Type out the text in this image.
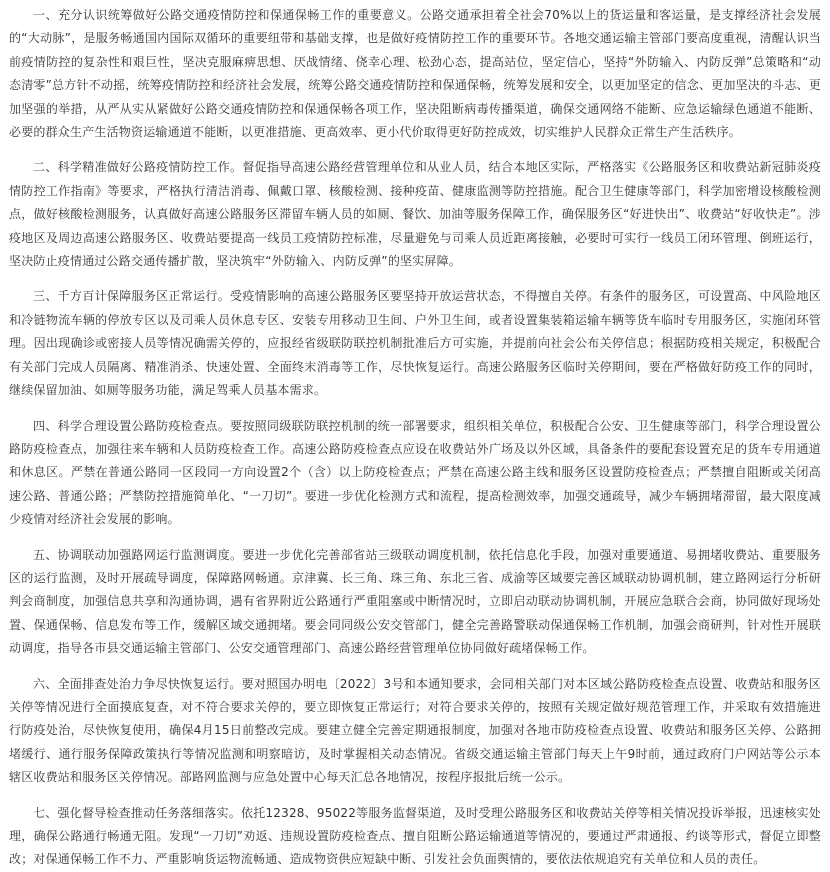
一、充分认识统筹做好公路交通疫情防控和保通保畅工作的重要意义。公路交通承担着全社会70%以上的货运量和客运量，是支撑经济社会发展的“大动脉”，是服务畅通国内国际双循环的重要纽带和基础支撑，也是做好疫情防控工作的重要环节。各地交通运输主管部门要高度重视，清醒认识当前疫情防控的复杂性和艰巨性，坚决克服麻痹思想、厌战情绪、侥幸心理、松劲心态，提高站位，坚定信心，坚持“外防输入、内防反弹”总策略和“动态清零”总方针不动摇，统筹疫情防控和经济社会发展，统筹公路交通疫情防控和保通保畅，统筹发展和安全，以更加坚定的信念、更加坚决的斗志、更加坚强的举措，从严从实从紧做好公路交通疫情防控和保通保畅各项工作，坚决阻断病毒传播渠道，确保交通网络不能断、应急运输绿色通道不能断、必要的群众生产生活物资运输通道不能断，以更准措施、更高效率、更小代价取得更好防控成效，切实维护人民群众正常生产生活秩序。

二、科学精准做好公路疫情防控工作。督促指导高速公路经营管理单位和从业人员，结合本地区实际，严格落实《公路服务区和收费站新冠肺炎疫情防控工作指南》等要求，严格执行清洁消毒、佩戴口罩、核酸检测、接种疫苗、健康监测等防控措施。配合卫生健康等部门，科学加密增设核酸检测点，做好核酸检测服务，认真做好高速公路服务区滞留车辆人员的如厕、餐饮、加油等服务保障工作，确保服务区“好进快出”、收费站“好收快走”。涉疫地区及周边高速公路服务区、收费站要提高一线员工疫情防控标准，尽量避免与司乘人员近距离接触，必要时可实行一线员工闭环管理、倒班运行，坚决防止疫情通过公路交通传播扩散，坚决筑牢“外防输入、内防反弹”的坚实屏障。

三、千方百计保障服务区正常运行。受疫情影响的高速公路服务区要坚持开放运营状态，不得擅自关停。有条件的服务区，可设置高、中风险地区和冷链物流车辆的停放专区以及司乘人员休息专区、安装专用移动卫生间、户外卫生间，或者设置集装箱运输车辆等货车临时专用服务区，实施闭环管理。因出现确诊或密接人员等情况确需关停的，应报经省级联防联控机制批准后方可实施，并提前向社会公布关停信息；根据防疫相关规定，积极配合有关部门完成人员隔离、精准消杀、快速处置、全面终末消毒等工作，尽快恢复运行。高速公路服务区临时关停期间，要在严格做好防疫工作的同时，继续保留加油、如厕等服务功能，满足驾乘人员基本需求。

四、科学合理设置公路防疫检查点。要按照同级联防联控机制的统一部署要求，组织相关单位，积极配合公安、卫生健康等部门，科学合理设置公路防疫检查点，加强往来车辆和人员防疫检查工作。高速公路防疫检查点应设在收费站外广场及以外区域，具备条件的要配套设置充足的货车专用通道和休息区。严禁在普通公路同一区段同一方向设置2个（含）以上防疫检查点；严禁在高速公路主线和服务区设置防疫检查点；严禁擅自阻断或关闭高速公路、普通公路；严禁防控措施简单化、“一刀切”。要进一步优化检测方式和流程，提高检测效率，加强交通疏导，减少车辆拥堵滞留，最大限度减少疫情对经济社会发展的影响。

五、协调联动加强路网运行监测调度。要进一步优化完善部省站三级联动调度机制，依托信息化手段，加强对重要通道、易拥堵收费站、重要服务区的运行监测，及时开展疏导调度，保障路网畅通。京津冀、长三角、珠三角、东北三省、成渝等区域要完善区域联动协调机制，建立路网运行分析研判会商制度，加强信息共享和沟通协调，遇有省界附近公路通行严重阻塞或中断情况时，立即启动联动协调机制，开展应急联合会商，协同做好现场处置、保通保畅、信息发布等工作，缓解区域交通拥堵。要会同同级公安交管部门，健全完善路警联动保通保畅工作机制，加强会商研判，针对性开展联动调度，指导各市县交通运输主管部门、公安交通管理部门、高速公路经营管理单位协同做好疏堵保畅工作。

六、全面排查处治力争尽快恢复运行。要对照国办明电〔2022〕3号和本通知要求，会同相关部门对本区域公路防疫检查点设置、收费站和服务区关停等情况进行全面摸底复查，对不符合要求关停的，要立即恢复正常运行；对符合要求关停的，按照有关规定做好规范管理工作，并采取有效措施进行防疫处治，尽快恢复使用，确保4月15日前整改完成。要建立健全完善定期通报制度，加强对各地市防疫检查点设置、收费站和服务区关停、公路拥堵缓行、通行服务保障政策执行等情况监测和明察暗访，及时掌握相关动态情况。省级交通运输主管部门每天上午9时前，通过政府门户网站等公示本辖区收费站和服务区关停情况。部路网监测与应急处置中心每天汇总各地情况，按程序报批后统一公示。

七、强化督导检查推动任务落细落实。依托12328、95022等服务监督渠道，及时受理公路服务区和收费站关停等相关情况投诉举报，迅速核实处理，确保公路通行畅通无阻。发现“一刀切”劝返、违规设置防疫检查点、擅自阻断公路运输通道等情况的，要通过严肃通报、约谈等形式，督促立即整改；对保通保畅工作不力、严重影响货运物流畅通、造成物资供应短缺中断、引发社会负面舆情的，要依法依规追究有关单位和人员的责任。
